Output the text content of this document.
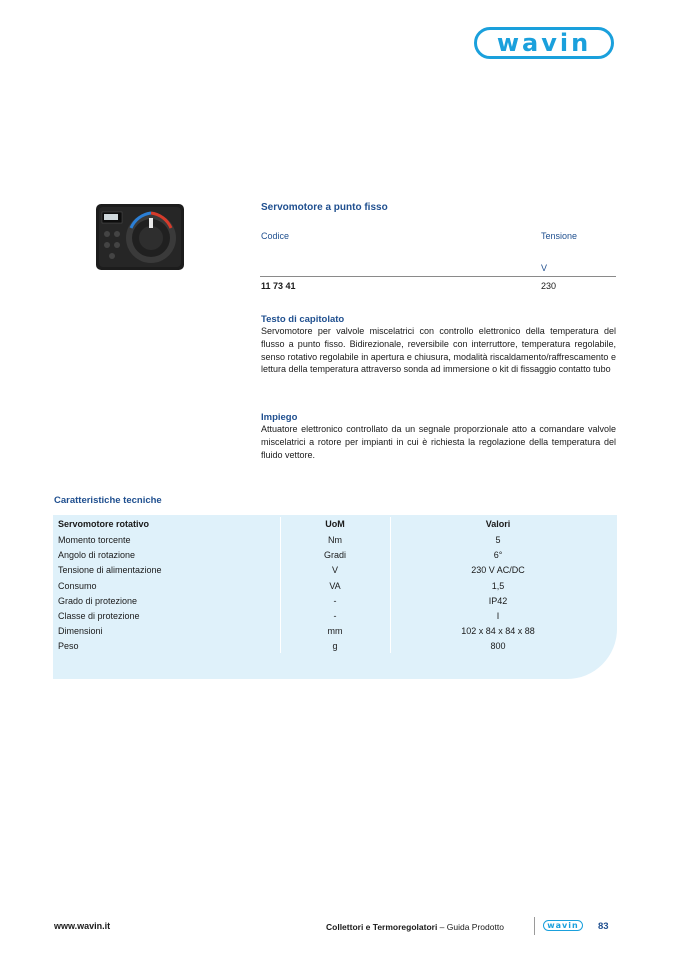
wavin
Servomotore a punto fisso
Codice	Tensione
V
11 73 41	230
Testo di capitolato

Servomotore per valvole miscelatrici con controllo elettronico della temperatura del flusso a punto fisso. Bidirezionale, reversibile con interruttore, temperatura regolabile, senso rotativo regolabile in apertura e chiusura, modalità riscaldamento/raffrescamento e lettura della temperatura attraverso sonda ad immersione o kit di fissaggio contatto tubo

Impiego

Attuatore elettronico controllato da un segnale proporzionale atto a comandare valvole miscelatrici a rotore per impianti in cui è richiesta la regolazione della temperatura del fluido vettore.

Caratteristiche tecniche
Servomotore rotativo	UoM	Valori
Momento torcente	Nm	5
Angolo di rotazione	Gradi	6°
Tensione di alimentazione	V	230 V AC/DC
Consumo	VA	1,5
Grado di protezione	-	IP42
Classe di protezione	-	I
Dimensioni	mm	102 x 84 x 84 x 88
Peso	g	800
www.wavin.it	Collettori e Termoregolatori – Guida Prodotto	wavin	83
